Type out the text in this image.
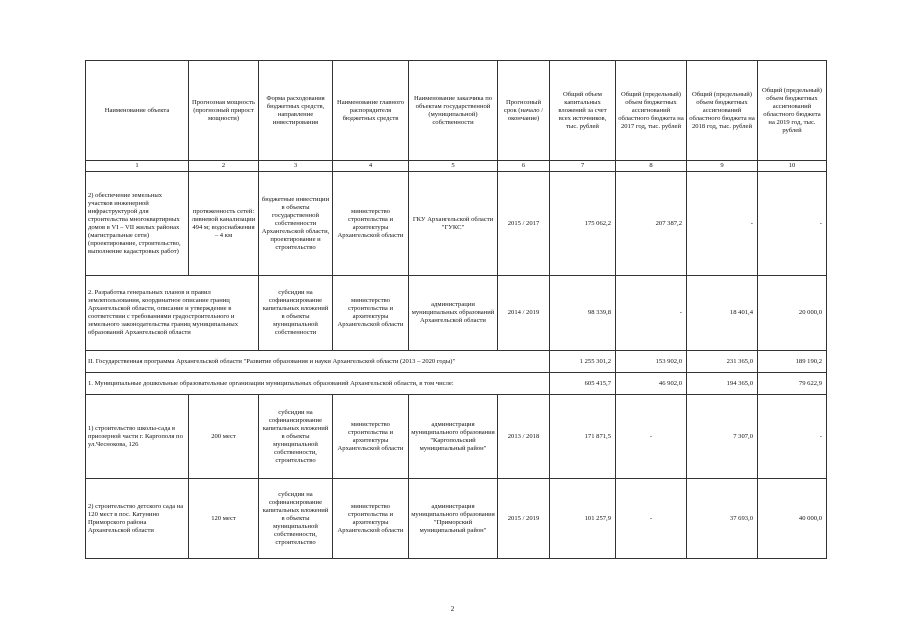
Наименование объекта	Прогнозная мощность (прогнозный прирост мощности)	Форма расходования бюджетных средств, направление инвестирования	Наименование главного распорядителя бюджетных средств	Наименование заказчика по объектам государственной (муниципальной) собственности	Прогнозный срок (начало / окончание)	Общий объем капитальных вложений за счет всех источников, тыс. рублей	Общий (предельный) объем бюджетных ассигнований областного бюджета на 2017 год, тыс. рублей	Общий (предельный) объем бюджетных ассигнований областного бюджета на 2018 год, тыс. рублей	Общий (предельный) объем бюджетных ассигнований областного бюджета на 2019 год, тыс. рублей
1	2	3	4	5	6	7	8	9	10
2) обеспечение земельных участков инженерной инфраструктурой для строительства многоквартирных домов в VI – VII жилых районах (магистральные сети) (проектирование, строительство, выполнение кадастровых работ)	протяженность сетей: ливневой канализации 494 м; водоснабжения – 4 км	бюджетные инвестиции в объекты государственной собственности Архангельской области, проектирование и строительство	министерство строительства и архитектуры Архангельской области	ГКУ Архангельской области "ГУКС"	2015 / 2017	175 062,2	207 387,2	-	-
2. Разработка генеральных планов и правил землепользования, координатное описание границ Архангельской области, описание и утверждение в соответствии с требованиями градостроительного и земельного законодательства границ муниципальных образований Архангельской области		субсидии на софинансирование капитальных вложений в объекты муниципальной собственности	министерство строительства и архитектуры Архангельской области	администрации муниципальных образований Архангельской области	2014 / 2019	98 339,8	-	18 401,4	20 000,0
II. Государственная программа Архангельской области "Развитие образования и науки Архангельской области (2013 – 2020 годы)"						1 255 301,2	153 902,0	231 365,0	189 190,2
1. Муниципальные дошкольные образовательные организации муниципальных образований Архангельской области, в том числе:						605 415,7	46 902,0	194 365,0	79 622,9
1) строительство школы-сада в приозерной части г. Каргополя по ул.Чеснокова, 126	200 мест	субсидии на софинансирование капитальных вложений в объекты муниципальной собственности, строительство	министерство строительства и архитектуры Архангельской области	администрация муниципального образования "Каргопольский муниципальный район"	2013 / 2018	171 871,5	-	7 307,0	-
2) строительство детского сада на 120 мест в пос. Катунино Приморского района Архангельской области	120 мест	субсидии на софинансирование капитальных вложений в объекты муниципальной собственности, строительство	министерство строительства и архитектуры Архангельской области	администрация муниципального образования "Приморский муниципальный район"	2015 / 2019	101 257,9	-	37 693,0	40 000,0
2
